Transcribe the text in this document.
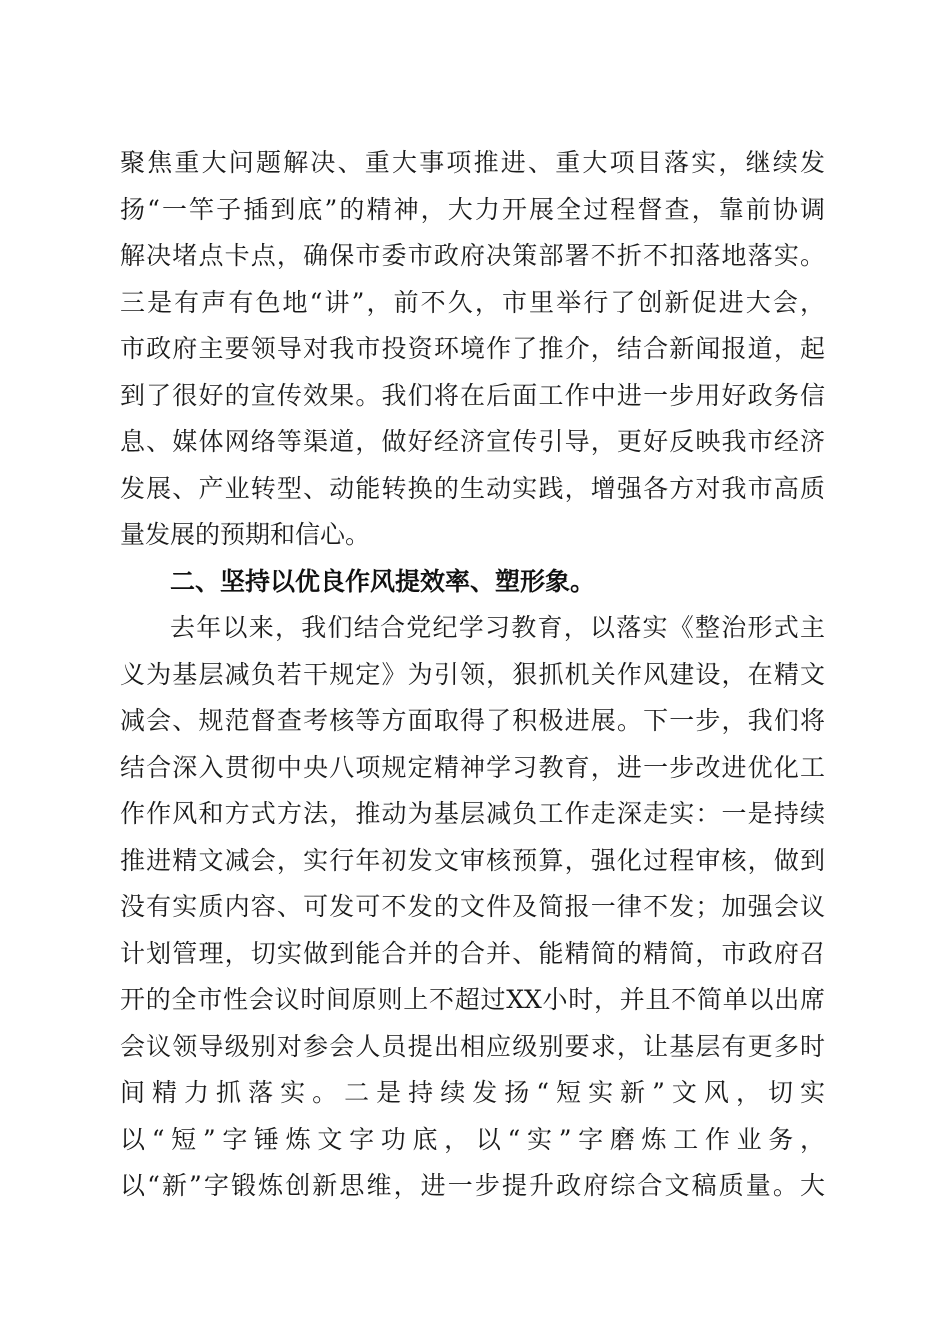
聚焦重大问题解决、重大事项推进、重大项目落实，继续发
扬“一竿子插到底”的精神，大力开展全过程督查，靠前协调
解决堵点卡点，确保市委市政府决策部署不折不扣落地落实。
三是有声有色地“讲”，前不久，市里举行了创新促进大会，
市政府主要领导对我市投资环境作了推介，结合新闻报道，起
到了很好的宣传效果。我们将在后面工作中进一步用好政务信
息、媒体网络等渠道，做好经济宣传引导，更好反映我市经济
发展、产业转型、动能转换的生动实践，增强各方对我市高质
量发展的预期和信心。
二、坚持以优良作风提效率、塑形象。
去年以来，我们结合党纪学习教育，以落实《整治形式主
义为基层减负若干规定》为引领，狠抓机关作风建设，在精文
减会、规范督查考核等方面取得了积极进展。下一步，我们将
结合深入贯彻中央八项规定精神学习教育，进一步改进优化工
作作风和方式方法，推动为基层减负工作走深走实：一是持续
推进精文减会，实行年初发文审核预算，强化过程审核，做到
没有实质内容、可发可不发的文件及简报一律不发；加强会议
计划管理，切实做到能合并的合并、能精简的精简，市政府召
开的全市性会议时间原则上不超过XX小时，并且不简单以出席
会议领导级别对参会人员提出相应级别要求，让基层有更多时
间精力抓落实。二是持续发扬“短实新”文风，切实
以“短”字锤炼文字功底，以“实”字磨炼工作业务，
以“新”字锻炼创新思维，进一步提升政府综合文稿质量。大
